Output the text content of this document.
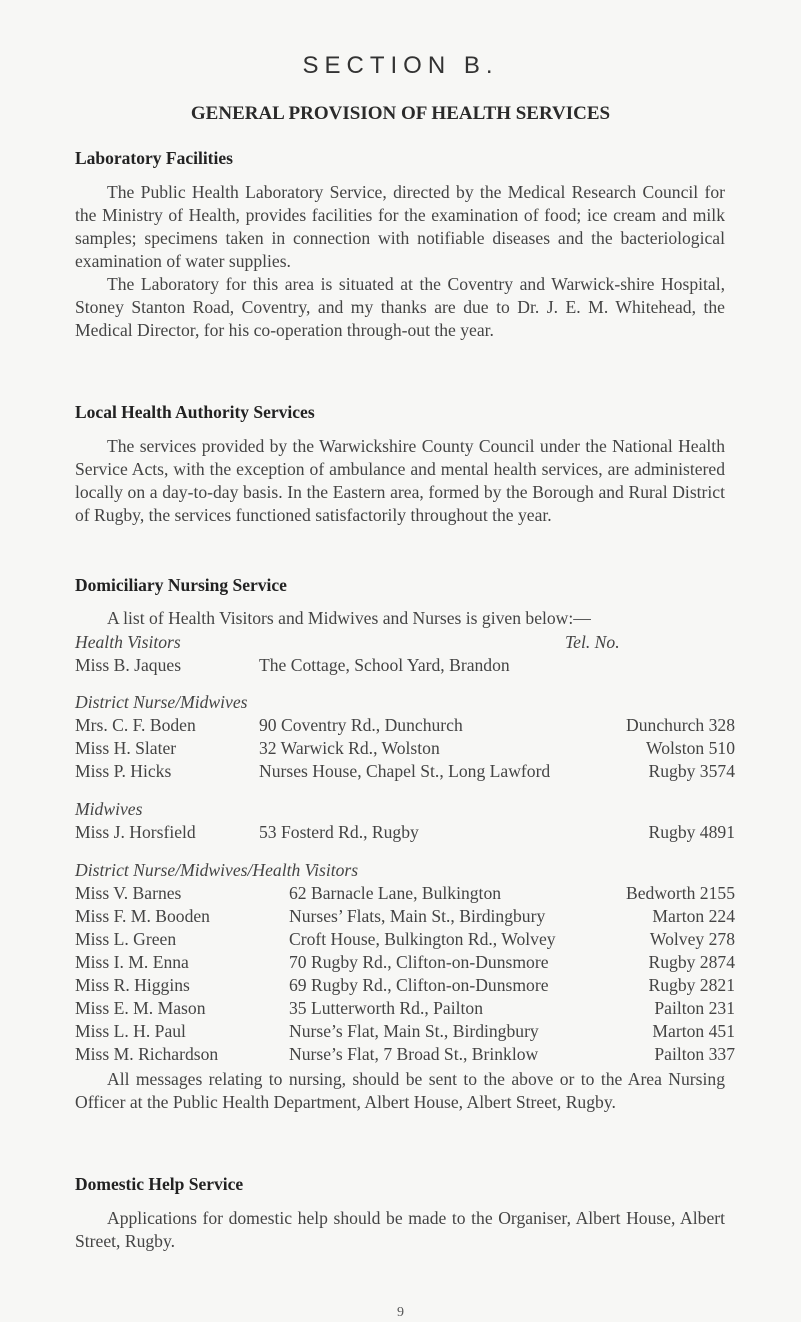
SECTION B.
GENERAL PROVISION OF HEALTH SERVICES
Laboratory Facilities

The Public Health Laboratory Service, directed by the Medical Research Council for the Ministry of Health, provides facilities for the examination of food; ice cream and milk samples; specimens taken in connection with notifiable diseases and the bacteriological examination of water supplies.

The Laboratory for this area is situated at the Coventry and Warwick-shire Hospital, Stoney Stanton Road, Coventry, and my thanks are due to Dr. J. E. M. Whitehead, the Medical Director, for his co-operation through-out the year.

Local Health Authority Services

The services provided by the Warwickshire County Council under the National Health Service Acts, with the exception of ambulance and mental health services, are administered locally on a day-to-day basis. In the Eastern area, formed by the Borough and Rural District of Rugby, the services functioned satisfactorily throughout the year.

Domiciliary Nursing Service
A list of Health Visitors and Midwives and Nurses is given below:—
Health Visitors	Tel. No.
Miss B. Jaques	The Cottage, School Yard, Brandon
District Nurse/Midwives
Mrs. C. F. Boden	90 Coventry Rd., Dunchurch	Dunchurch 328
Miss H. Slater	32 Warwick Rd., Wolston	Wolston 510
Miss P. Hicks	Nurses House, Chapel St., Long Lawford	Rugby 3574
Midwives
Miss J. Horsfield	53 Fosterd Rd., Rugby	Rugby 4891
District Nurse/Midwives/Health Visitors
Miss V. Barnes	62 Barnacle Lane, Bulkington	Bedworth 2155
Miss F. M. Booden	Nurses’ Flats, Main St., Birdingbury	Marton 224
Miss L. Green	Croft House, Bulkington Rd., Wolvey	Wolvey 278
Miss I. M. Enna	70 Rugby Rd., Clifton-on-Dunsmore	Rugby 2874
Miss R. Higgins	69 Rugby Rd., Clifton-on-Dunsmore	Rugby 2821
Miss E. M. Mason	35 Lutterworth Rd., Pailton	Pailton 231
Miss L. H. Paul	Nurse’s Flat, Main St., Birdingbury	Marton 451
Miss M. Richardson	Nurse’s Flat, 7 Broad St., Brinklow	Pailton 337

All messages relating to nursing, should be sent to the above or to the Area Nursing Officer at the Public Health Department, Albert House, Albert Street, Rugby.

Domestic Help Service

Applications for domestic help should be made to the Organiser, Albert House, Albert Street, Rugby.

9
